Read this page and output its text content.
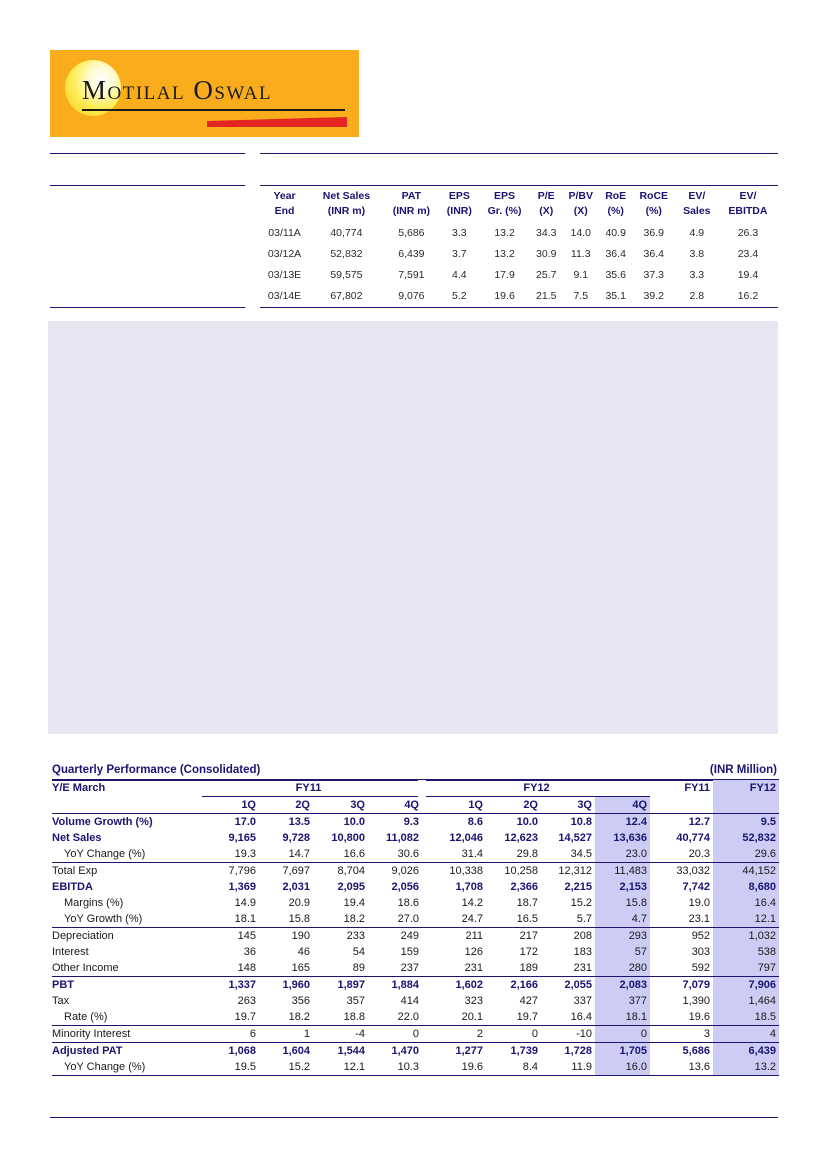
Motilal Oswal
Year	Net Sales	PAT	EPS	EPS	P/E	P/BV	RoE	RoCE	EV/	EV/
End	(INR m)	(INR m)	(INR)	Gr. (%)	(X)	(X)	(%)	(%)	Sales	EBITDA
03/11A	40,774	5,686	3.3	13.2	34.3	14.0	40.9	36.9	4.9	26.3
03/12A	52,832	6,439	3.7	13.2	30.9	11.3	36.4	36.4	3.8	23.4
03/13E	59,575	7,591	4.4	17.9	25.7	9.1	35.6	37.3	3.3	19.4
03/14E	67,802	9,076	5.2	19.6	21.5	7.5	35.1	39.2	2.8	16.2
Quarterly Performance (Consolidated)	(INR Million)
Y/E March	FY11				FY12				FY11	FY12
	1Q	2Q	3Q	4Q	1Q	2Q	3Q	4Q		
Volume Growth (%)	17.0	13.5	10.0	9.3	8.6	10.0	10.8	12.4	12.7	9.5
Net Sales	9,165	9,728	10,800	11,082	12,046	12,623	14,527	13,636	40,774	52,832
YoY Change (%)	19.3	14.7	16.6	30.6	31.4	29.8	34.5	23.0	20.3	29.6
Total Exp	7,796	7,697	8,704	9,026	10,338	10,258	12,312	11,483	33,032	44,152
EBITDA	1,369	2,031	2,095	2,056	1,708	2,366	2,215	2,153	7,742	8,680
Margins (%)	14.9	20.9	19.4	18.6	14.2	18.7	15.2	15.8	19.0	16.4
YoY Growth (%)	18.1	15.8	18.2	27.0	24.7	16.5	5.7	4.7	23.1	12.1
Depreciation	145	190	233	249	211	217	208	293	952	1,032
Interest	36	46	54	159	126	172	183	57	303	538
Other Income	148	165	89	237	231	189	231	280	592	797
PBT	1,337	1,960	1,897	1,884	1,602	2,166	2,055	2,083	7,079	7,906
Tax	263	356	357	414	323	427	337	377	1,390	1,464
Rate (%)	19.7	18.2	18.8	22.0	20.1	19.7	16.4	18.1	19.6	18.5
Minority Interest	6	1	-4	0	2	0	-10	0	3	4
Adjusted PAT	1,068	1,604	1,544	1,470	1,277	1,739	1,728	1,705	5,686	6,439
YoY Change (%)	19.5	15.2	12.1	10.3	19.6	8.4	11.9	16.0	13.6	13.2
